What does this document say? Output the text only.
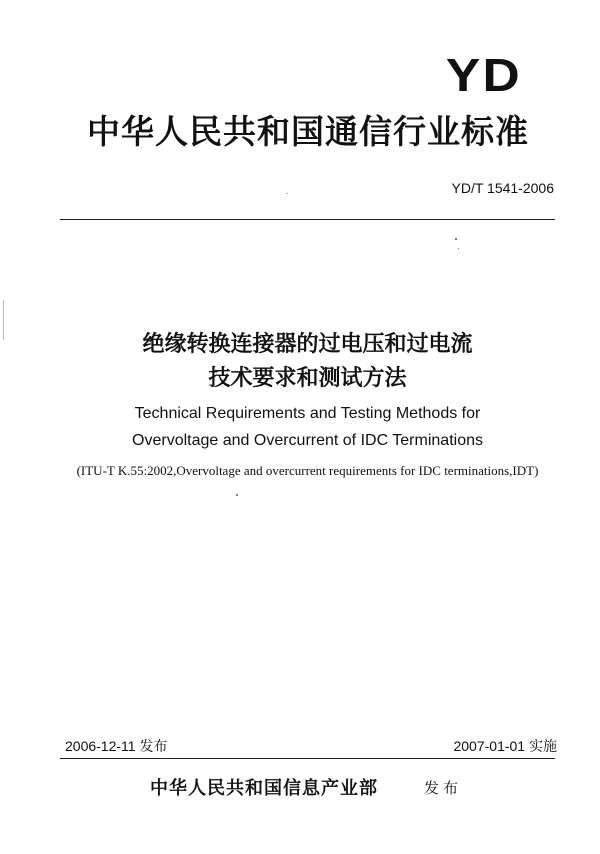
YD
中华人民共和国通信行业标准
YD/T 1541-2006
绝缘转换连接器的过电压和过电流
技术要求和测试方法
Technical Requirements and Testing Methods for
Overvoltage and Overcurrent of IDC Terminations
(ITU-T K.55:2002,Overvoltage and overcurrent requirements for IDC terminations,IDT)
2006-12-11 发布	2007-01-01 实施
中华人民共和国信息产业部	发布
